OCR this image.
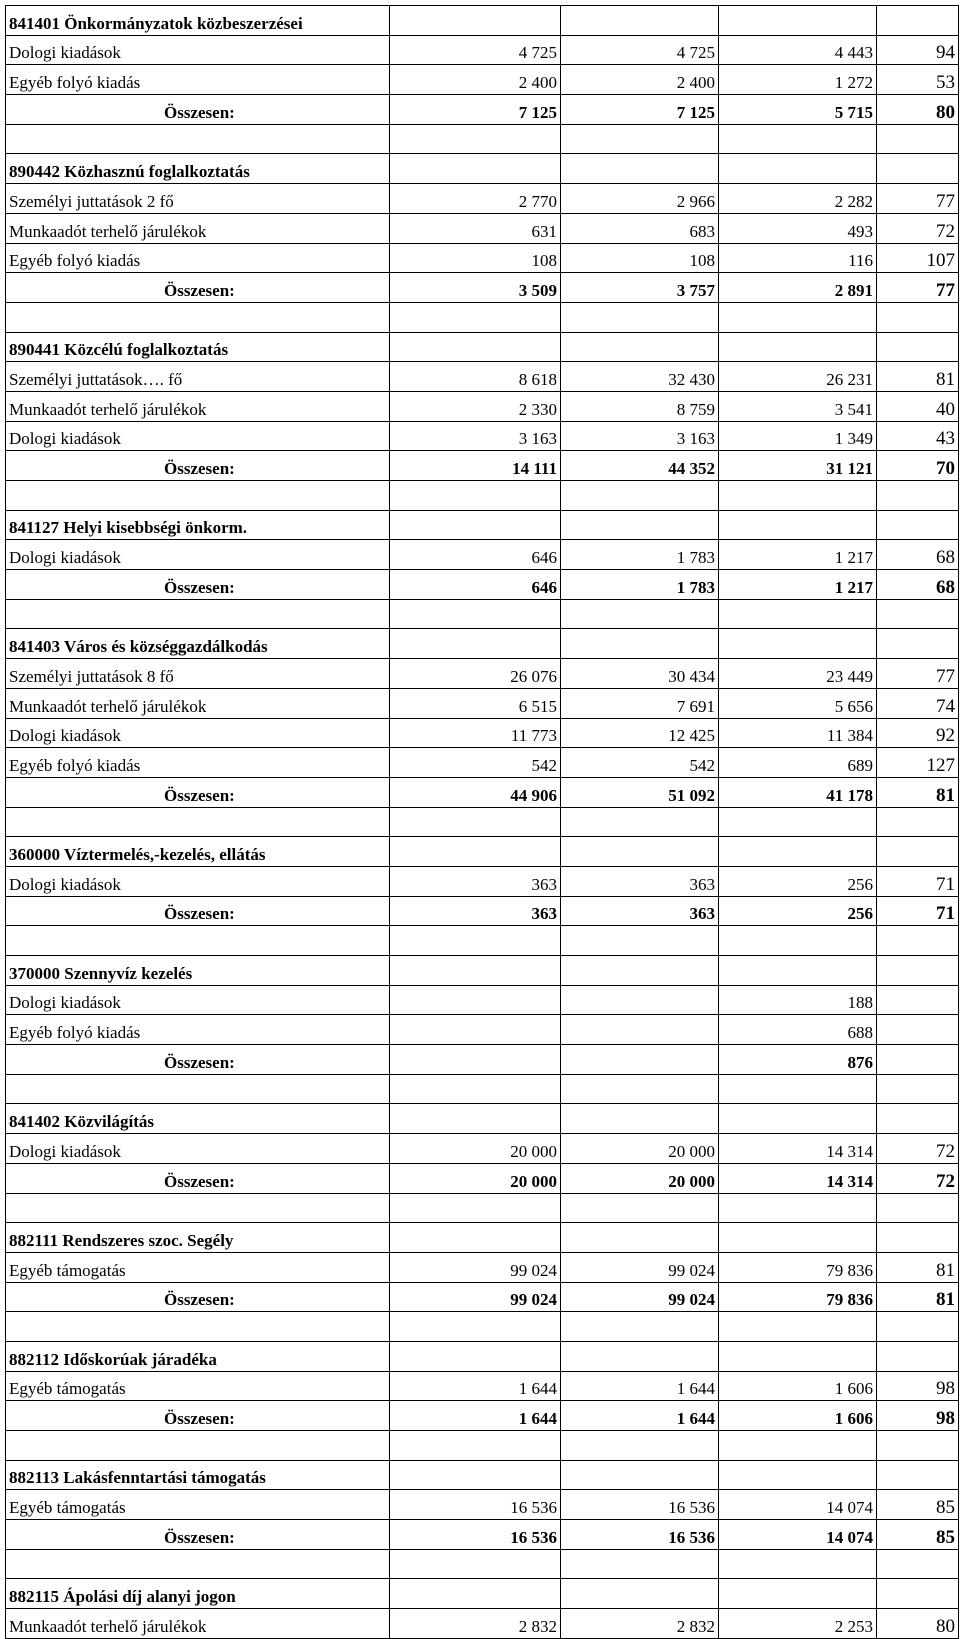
841401 Önkormányzatok közbeszerzései				
Dologi kiadások	4 725	4 725	4 443	94
Egyéb folyó kiadás	2 400	2 400	1 272	53
Összesen:	7 125	7 125	5 715	80

890442 Közhasznú foglalkoztatás				
Személyi juttatások 2 fő	2 770	2 966	2 282	77
Munkaadót terhelő járulékok	631	683	493	72
Egyéb folyó kiadás	108	108	116	107
Összesen:	3 509	3 757	2 891	77

890441 Közcélú foglalkoztatás				
Személyi juttatások…. fő	8 618	32 430	26 231	81
Munkaadót terhelő járulékok	2 330	8 759	3 541	40
Dologi kiadások	3 163	3 163	1 349	43
Összesen:	14 111	44 352	31 121	70

841127 Helyi kisebbségi önkorm.				
Dologi kiadások	646	1 783	1 217	68
Összesen:	646	1 783	1 217	68

841403 Város és községgazdálkodás				
Személyi juttatások 8 fő	26 076	30 434	23 449	77
Munkaadót terhelő járulékok	6 515	7 691	5 656	74
Dologi kiadások	11 773	12 425	11 384	92
Egyéb folyó kiadás	542	542	689	127
Összesen:	44 906	51 092	41 178	81

360000 Víztermelés,-kezelés, ellátás				
Dologi kiadások	363	363	256	71
Összesen:	363	363	256	71

370000 Szennyvíz kezelés				
Dologi kiadások			188	
Egyéb folyó kiadás			688	
Összesen:			876	

841402 Közvilágítás				
Dologi kiadások	20 000	20 000	14 314	72
Összesen:	20 000	20 000	14 314	72

882111 Rendszeres szoc. Segély				
Egyéb támogatás	99 024	99 024	79 836	81
Összesen:	99 024	99 024	79 836	81

882112 Időskorúak járadéka				
Egyéb támogatás	1 644	1 644	1 606	98
Összesen:	1 644	1 644	1 606	98

882113 Lakásfenntartási támogatás				
Egyéb támogatás	16 536	16 536	14 074	85
Összesen:	16 536	16 536	14 074	85

882115 Ápolási díj alanyi jogon				
Munkaadót terhelő járulékok	2 832	2 832	2 253	80
